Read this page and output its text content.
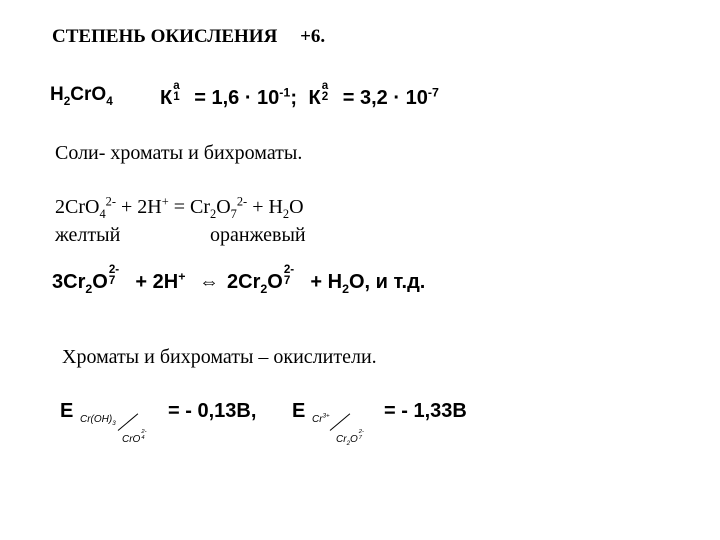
СТЕПЕНЬ ОКИСЛЕНИЯ +6.
$H_2CrO_4$ К
а
$1 = 1,6 \cdot 10^{-1}$; К
а
$2 = 3,2 \cdot 10^{-7}$
Соли- хроматы и бихроматы.
$2CrO_4^{2-} + 2H^+ = Cr_2O_7^{2-} + H_2O$
желтый	оранжевый
$3Cr_2O$
2-
7 + 2H+ ⇔ $2Cr_2O$
2-
$7 + H_2O$, и т.д.
Хроматы и бихроматы – окислители.
E $Cr(OH)_3$
CrO
2-
4
= - 0,13В, E $Cr^{3+}$
$Cr_2O$
2-
7
= - 1,33В
